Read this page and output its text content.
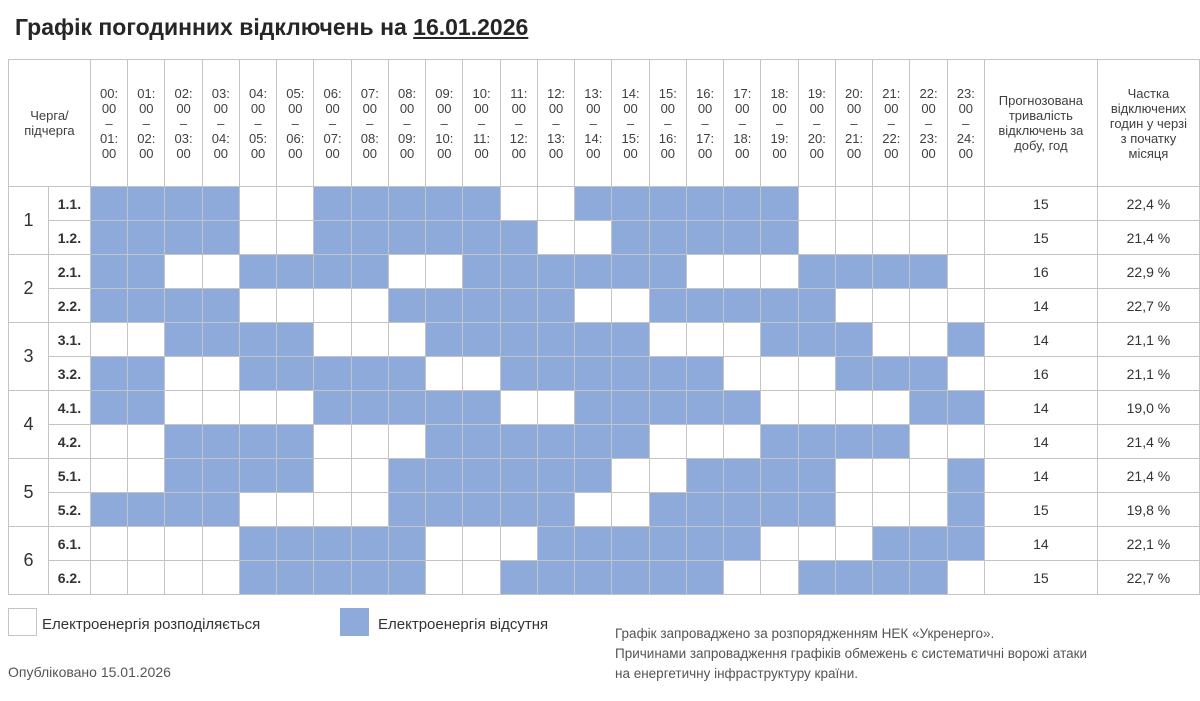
Графік погодинних відключень на 16.01.2026
Черга/
підчерга		00:
00
–
01:
00	01:
00
–
02:
00	02:
00
–
03:
00	03:
00
–
04:
00	04:
00
–
05:
00	05:
00
–
06:
00	06:
00
–
07:
00	07:
00
–
08:
00	08:
00
–
09:
00	09:
00
–
10:
00	10:
00
–
11:
00	11:
00
–
12:
00	12:
00
–
13:
00	13:
00
–
14:
00	14:
00
–
15:
00	15:
00
–
16:
00	16:
00
–
17:
00	17:
00
–
18:
00	18:
00
–
19:
00	19:
00
–
20:
00	20:
00
–
21:
00	21:
00
–
22:
00	22:
00
–
23:
00	23:
00
–
24:
00	Прогнозована
тривалість
відключень за
добу, год	Частка
відключених
годин у черзі
з початку
місяця

1	1.1.																									15	22,4 %
	1.2.																									15	21,4 %
2	2.1.																									16	22,9 %
	2.2.																									14	22,7 %
3	3.1.																									14	21,1 %
	3.2.																									16	21,1 %
4	4.1.																									14	19,0 %
	4.2.																									14	21,4 %
5	5.1.																									14	21,4 %
	5.2.																									15	19,8 %
6	6.1.																									14	22,1 %
	6.2.																									15	22,7 %
Електроенергія розподіляється	Електроенергія відсутня
Опубліковано 15.01.2026
Графік запроваджено за розпорядженням НЕК «Укренерго».
Причинами запровадження графіків обмежень є систематичні ворожі атаки
на енергетичну інфраструктуру країни.
